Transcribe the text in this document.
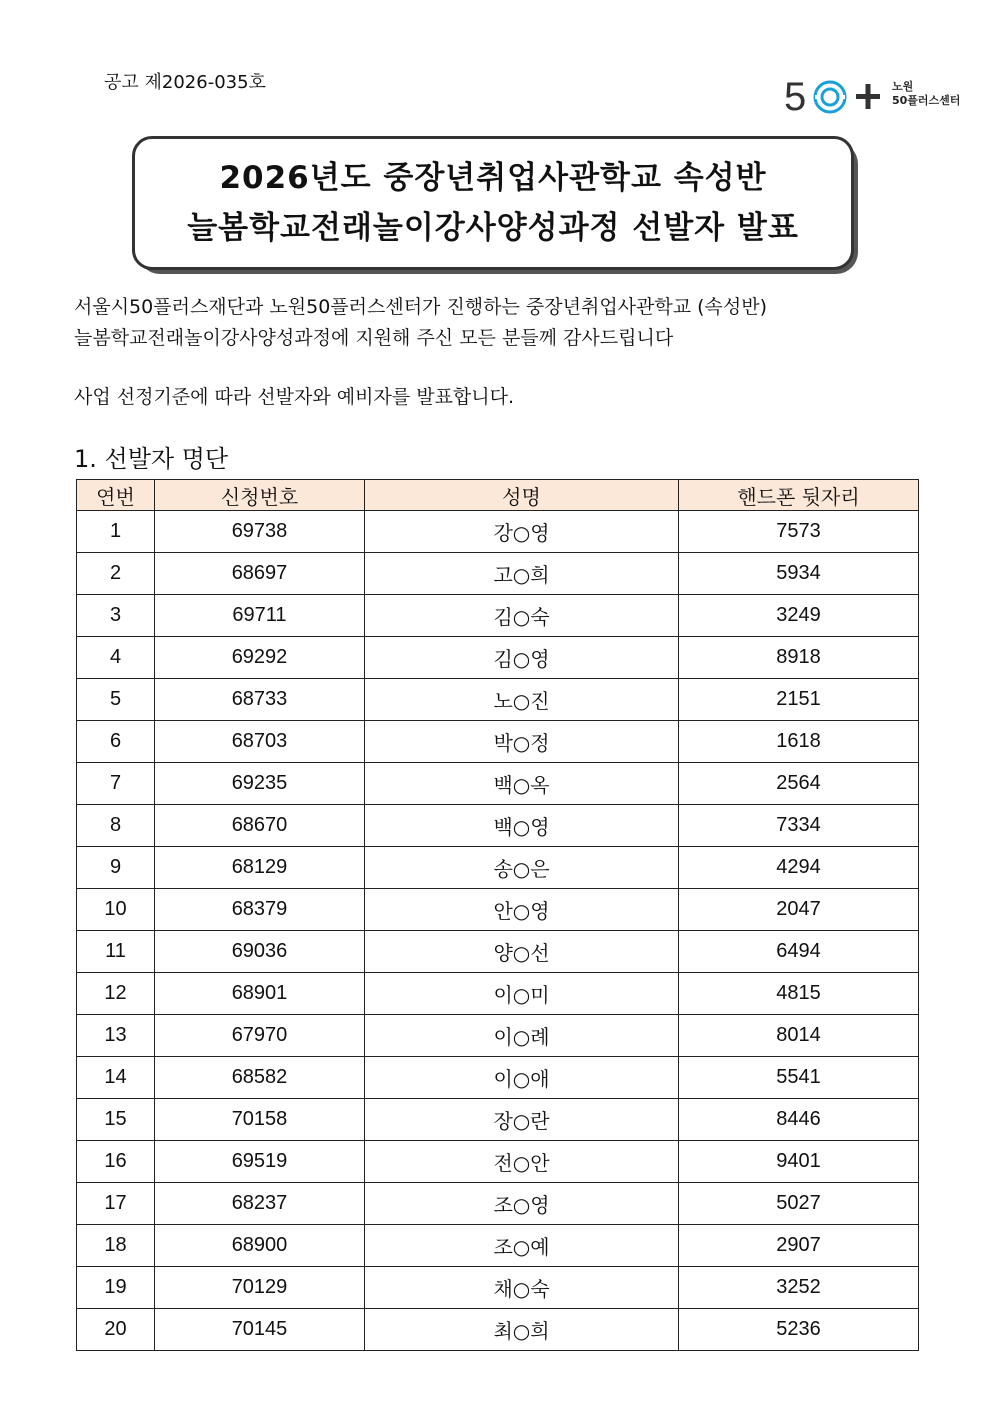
공고 제2026-035호	5	노원
50플러스센터
2026년도 중장년취업사관학교 속성반
늘봄학교전래놀이강사양성과정 선발자 발표
서울시50플러스재단과 노원50플러스센터가 진행하는 중장년취업사관학교 (속성반)
늘봄학교전래놀이강사양성과정에 지원해 주신 모든 분들께 감사드립니다
사업 선정기준에 따라 선발자와 예비자를 발표합니다.
1. 선발자 명단
연번	신청번호	성명	핸드폰 뒷자리
1	69738	강○영	7573
2	68697	고○희	5934
3	69711	김○숙	3249
4	69292	김○영	8918
5	68733	노○진	2151
6	68703	박○정	1618
7	69235	백○옥	2564
8	68670	백○영	7334
9	68129	송○은	4294
10	68379	안○영	2047
11	69036	양○선	6494
12	68901	이○미	4815
13	67970	이○례	8014
14	68582	이○애	5541
15	70158	장○란	8446
16	69519	전○안	9401
17	68237	조○영	5027
18	68900	조○예	2907
19	70129	채○숙	3252
20	70145	최○희	5236
